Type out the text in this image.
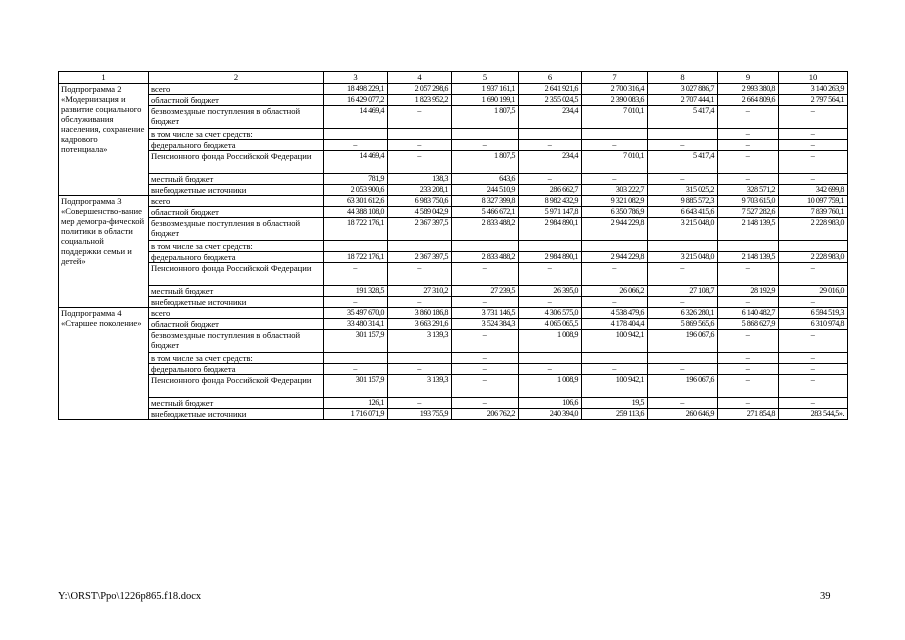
1	2	3	4	5	6	7	8	9	10
Подпрограмма 2 «Модернизация и развитие социального обслуживания населения, сохранение кадрового потенциала»	всего	18 498 229,1	2 057 298,6	1 937 161,1	2 641 921,6	2 700 316,4	3 027 886,7	2 993 380,8	3 140 263,9
	областной бюджет	16 429 077,2	1 823 952,2	1 690 199,1	2 355 024,5	2 390 083,6	2 707 444,1	2 664 809,6	2 797 564,1
	безвозмездные поступления в областной бюджет	14 469,4	–	1 807,5	234,4	7 010,1	5 417,4	–	–
	в том числе за счет средств:							–	–
	федерального бюджета	–	–	–	–	–	–	–	–
	Пенсионного фонда Российской Федерации	14 469,4	–	1 807,5	234,4	7 010,1	5 417,4	–	–
	местный бюджет	781,9	138,3	643,6	–	–	–	–	–
	внебюджетные источники	2 053 900,6	233 208,1	244 510,9	286 662,7	303 222,7	315 025,2	328 571,2	342 699,8
Подпрограмма 3 «Совершенство-вание мер демогра-фической политики в области социальной поддержки семьи и детей»	всего	63 301 612,6	6 983 750,6	8 327 399,8	8 982 432,9	9 321 082,9	9 885 572,3	9 703 615,0	10 097 759,1
	областной бюджет	44 388 108,0	4 589 042,9	5 466 672,1	5 971 147,8	6 350 786,9	6 643 415,6	7 527 282,6	7 839 760,1
	безвозмездные поступления в областной бюджет	18 722 176,1	2 367 397,5	2 833 488,2	2 984 890,1	2 944 229,8	3 215 048,0	2 148 139,5	2 228 983,0
	в том числе за счет средств:								
	федерального бюджета	18 722 176,1	2 367 397,5	2 833 488,2	2 984 890,1	2 944 229,8	3 215 048,0	2 148 139,5	2 228 983,0
	Пенсионного фонда Российской Федерации	–	–	–	–	–	–	–	–
	местный бюджет	191 328,5	27 310,2	27 239,5	26 395,0	26 066,2	27 108,7	28 192,9	29 016,0
	внебюджетные источники	–	–	–	–	–	–	–	–
Подпрограмма 4 «Старшее поколение»	всего	35 497 670,0	3 860 186,8	3 731 146,5	4 306 575,0	4 538 479,6	6 326 280,1	6 140 482,7	6 594 519,3
	областной бюджет	33 480 314,1	3 663 291,6	3 524 384,3	4 065 065,5	4 178 404,4	5 869 565,6	5 868 627,9	6 310 974,8
	безвозмездные поступления в областной бюджет	301 157,9	3 139,3	–	1 008,9	100 942,1	196 067,6	–	–
	в том числе за счет средств:			–				–	–
	федерального бюджета	–	–	–	–	–	–	–	–
	Пенсионного фонда Российской Федерации	301 157,9	3 139,3	–	1 008,9	100 942,1	196 067,6	–	–
	местный бюджет	126,1	–	–	106,6	19,5	–	–	–
	внебюджетные источники	1 716 071,9	193 755,9	206 762,2	240 394,0	259 113,6	260 646,9	271 854,8	283 544,5».
Y:\ORST\Ppo\1226p865.f18.docx	39
